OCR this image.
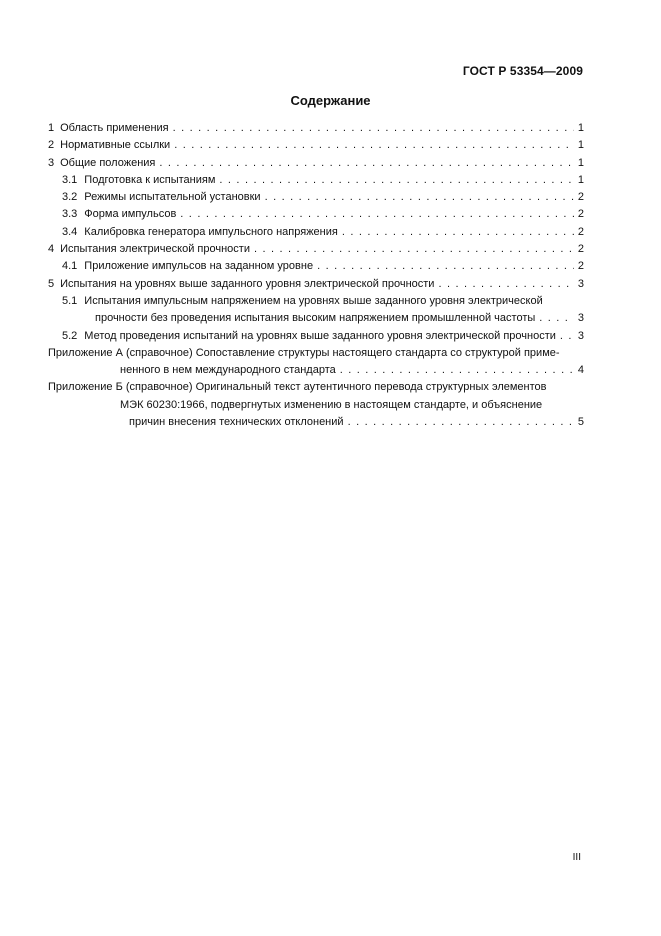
ГОСТ Р 53354—2009
Содержание
1 Область применения . . .	1
2 Нормативные ссылки . . .	1
3 Общие положения . . .	1
3.1 Подготовка к испытаниям . . .	1
3.2 Режимы испытательной установки . . .	2
3.3 Форма импульсов . . .	2
3.4 Калибровка генератора импульсного напряжения . . .	2
4 Испытания электрической прочности . . .	2
4.1 Приложение импульсов на заданном уровне . . .	2
5 Испытания на уровнях выше заданного уровня электрической прочности . . .	3
5.1 Испытания импульсным напряжением на уровнях выше заданного уровня электрической
прочности без проведения испытания высоким напряжением промышленной частоты . . .	3
5.2 Метод проведения испытаний на уровнях выше заданного уровня электрической прочности . . . 3
Приложение А (справочное) Сопоставление структуры настоящего стандарта со структурой приме-
ненного в нем международного стандарта . . .	4
Приложение Б (справочное) Оригинальный текст аутентичного перевода структурных элементов
МЭК 60230:1966, подвергнутых изменению в настоящем стандарте, и объяснение
причин внесения технических отклонений . . .	5
III
